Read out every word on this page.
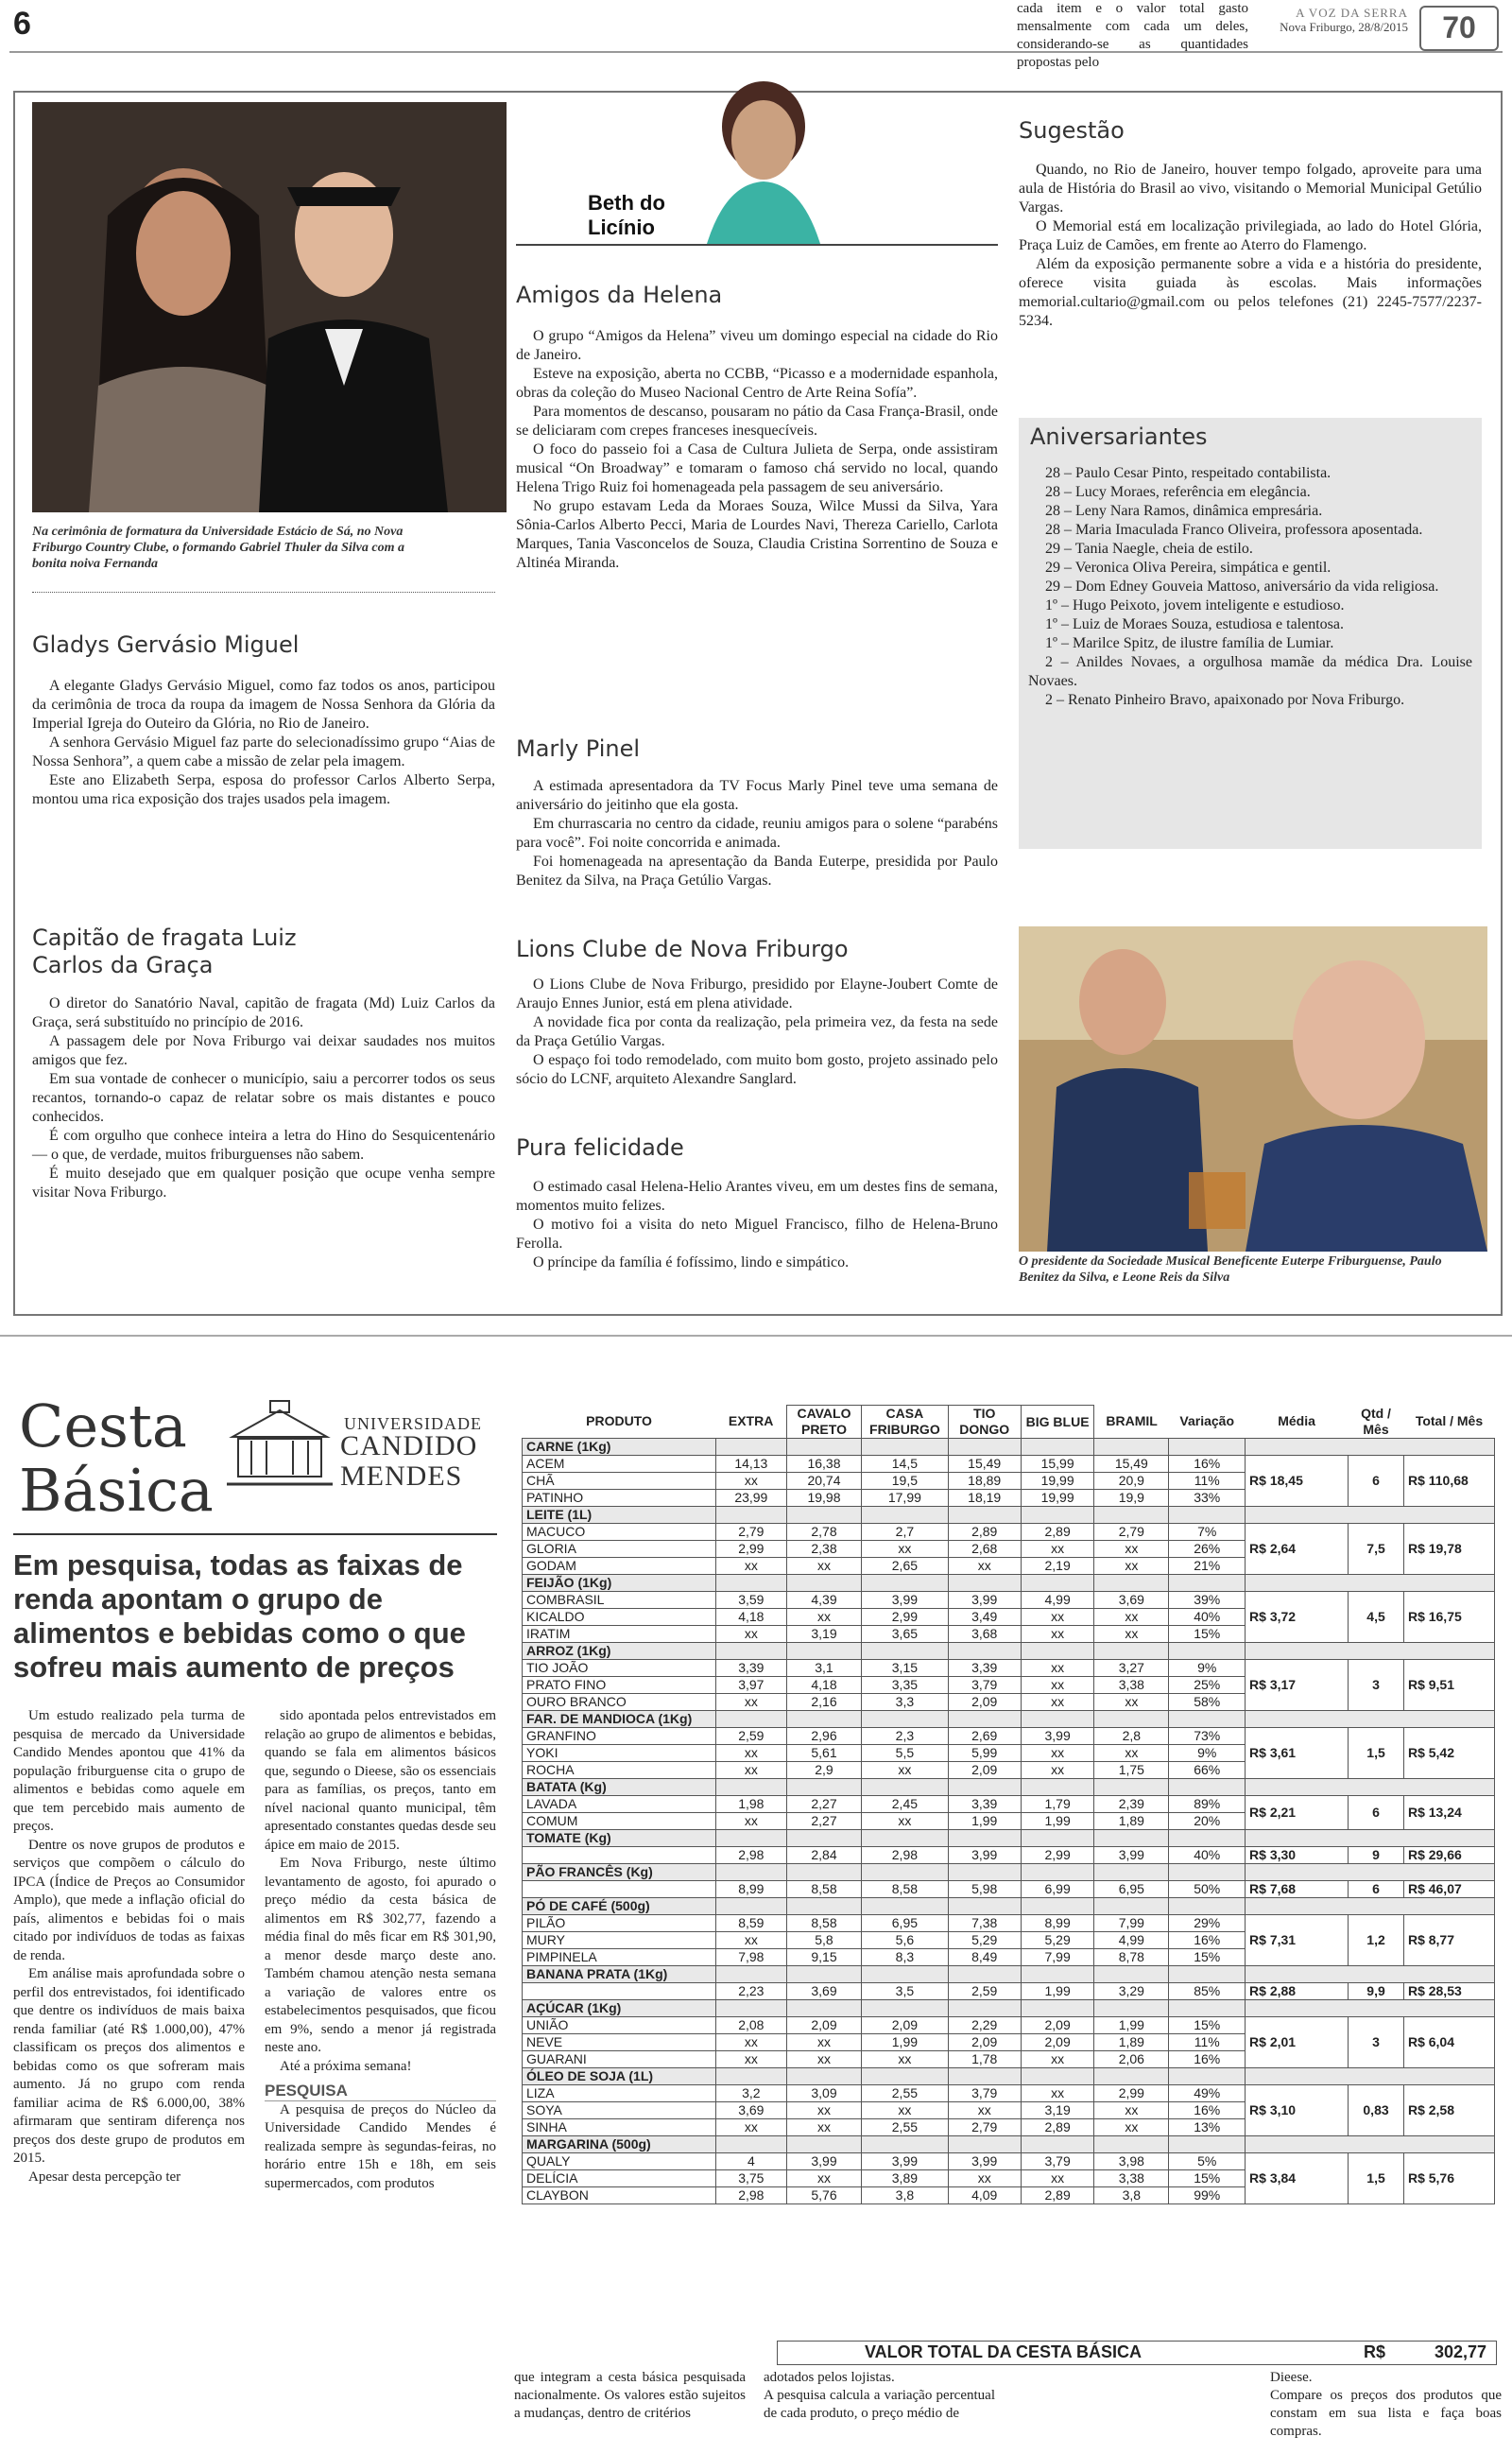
6	A VOZ DA SERRA
Nova Friburgo, 28/8/2015	70
Na cerimônia de formatura da Universidade Estácio de Sá, no Nova Friburgo Country Clube, o formando Gabriel Thuler da Silva com a bonita noiva Fernanda
Gladys Gervásio Miguel

A elegante Gladys Gervásio Miguel, como faz todos os anos, participou da cerimônia de troca da roupa da imagem de Nossa Senhora da Glória da Imperial Igreja do Outeiro da Glória, no Rio de Janeiro.

A senhora Gervásio Miguel faz parte do selecionadíssimo grupo “Aias de Nossa Senhora”, a quem cabe a missão de zelar pela imagem.

Este ano Elizabeth Serpa, esposa do professor Carlos Alberto Serpa, montou uma rica exposição dos trajes usados pela imagem.

Capitão de fragata Luiz Carlos da Graça

O diretor do Sanatório Naval, capitão de fragata (Md) Luiz Carlos da Graça, será substituído no princípio de 2016.

A passagem dele por Nova Friburgo vai deixar saudades nos muitos amigos que fez.

Em sua vontade de conhecer o município, saiu a percorrer todos os seus recantos, tornando-o capaz de relatar sobre os mais distantes e pouco conhecidos.

É com orgulho que conhece inteira a letra do Hino do Sesquicentenário — o que, de verdade, muitos friburguenses não sabem.

É muito desejado que em qualquer posição que ocupe venha sempre visitar Nova Friburgo.

Beth do Licínio
Amigos da Helena

O grupo “Amigos da Helena” viveu um domingo especial na cidade do Rio de Janeiro.

Esteve na exposição, aberta no CCBB, “Picasso e a modernidade espanhola, obras da coleção do Museo Nacional Centro de Arte Reina Sofía”.

Para momentos de descanso, pousaram no pátio da Casa França-Brasil, onde se deliciaram com crepes franceses inesquecíveis.

O foco do passeio foi a Casa de Cultura Julieta de Serpa, onde assistiram musical “On Broadway” e tomaram o famoso chá servido no local, quando Helena Trigo Ruiz foi homenageada pela passagem de seu aniversário.

No grupo estavam Leda da Moraes Souza, Wilce Mussi da Silva, Yara Sônia-Carlos Alberto Pecci, Maria de Lourdes Navi, Thereza Cariello, Carlota Marques, Tania Vasconcelos de Souza, Claudia Cristina Sorrentino de Souza e Altinéa Miranda.

Marly Pinel

A estimada apresentadora da TV Focus Marly Pinel teve uma semana de aniversário do jeitinho que ela gosta.

Em churrascaria no centro da cidade, reuniu amigos para o solene “parabéns para você”. Foi noite concorrida e animada.

Foi homenageada na apresentação da Banda Euterpe, presidida por Paulo Benitez da Silva, na Praça Getúlio Vargas.

Lions Clube de Nova Friburgo

O Lions Clube de Nova Friburgo, presidido por Elayne-Joubert Comte de Araujo Ennes Junior, está em plena atividade.

A novidade fica por conta da realização, pela primeira vez, da festa na sede da Praça Getúlio Vargas.

O espaço foi todo remodelado, com muito bom gosto, projeto assinado pelo sócio do LCNF, arquiteto Alexandre Sanglard.

Pura felicidade

O estimado casal Helena-Helio Arantes viveu, em um destes fins de semana, momentos muito felizes.

O motivo foi a visita do neto Miguel Francisco, filho de Helena-Bruno Ferolla.

O príncipe da família é fofíssimo, lindo e simpático.

Sugestão

Quando, no Rio de Janeiro, houver tempo folgado, aproveite para uma aula de História do Brasil ao vivo, visitando o Memorial Municipal Getúlio Vargas.

O Memorial está em localização privilegiada, ao lado do Hotel Glória, Praça Luiz de Camões, em frente ao Aterro do Flamengo.

Além da exposição permanente sobre a vida e a história do presidente, oferece visita guiada às escolas. Mais informações memorial.cultario@gmail.com ou pelos telefones (21) 2245-7577/2237-5234.

Aniversariantes

28 – Paulo Cesar Pinto, respeitado contabilista.

28 – Lucy Moraes, referência em elegância.

28 – Leny Nara Ramos, dinâmica empresária.

28 – Maria Imaculada Franco Oliveira, professora aposentada.

29 – Tania Naegle, cheia de estilo.

29 – Veronica Oliva Pereira, simpática e gentil.

29 – Dom Edney Gouveia Mattoso, aniversário da vida religiosa.

1º – Hugo Peixoto, jovem inteligente e estudioso.

1º – Luiz de Moraes Souza, estudiosa e talentosa.

1º – Marilce Spitz, de ilustre família de Lumiar.

2 – Anildes Novaes, a orgulhosa mamãe da médica Dra. Louise Novaes.

2 – Renato Pinheiro Bravo, apaixonado por Nova Friburgo.

O presidente da Sociedade Musical Beneficente Euterpe Friburguense, Paulo Benitez da Silva, e Leone Reis da Silva
Cesta
Básica
UNIVERSIDADE
CANDIDO
MENDES
Em pesquisa, todas as faixas de renda apontam o grupo de alimentos e bebidas como o que sofreu mais aumento de preços

Um estudo realizado pela turma de pesquisa de mercado da Universidade Candido Mendes apontou que 41% da população friburguense cita o grupo de alimentos e bebidas como aquele em que tem percebido mais aumento de preços.

Dentre os nove grupos de produtos e serviços que compõem o cálculo do IPCA (Índice de Preços ao Consumidor Amplo), que mede a inflação oficial do país, alimentos e bebidas foi o mais citado por indivíduos de todas as faixas de renda.

Em análise mais aprofundada sobre o perfil dos entrevistados, foi identificado que dentre os indivíduos de mais baixa renda familiar (até R$ 1.000,00), 47% classificam os preços dos alimentos e bebidas como os que sofreram mais aumento. Já no grupo com renda familiar acima de R$ 6.000,00, 38% afirmaram que sentiram diferença nos preços dos deste grupo de produtos em 2015.

Apesar desta percepção ter

sido apontada pelos entrevistados em relação ao grupo de alimentos e bebidas, quando se fala em alimentos básicos que, segundo o Dieese, são os essenciais para as famílias, os preços, tanto em nível nacional quanto municipal, têm apresentado constantes quedas desde seu ápice em maio de 2015.

Em Nova Friburgo, neste último levantamento de agosto, foi apurado o preço médio da cesta básica de alimentos em R$ 302,77, fazendo a média final do mês ficar em R$ 301,90, a menor desde março deste ano. Também chamou atenção nesta semana a variação de valores entre os estabelecimentos pesquisados, que ficou em 9%, sendo a menor já registrada neste ano.

Até a próxima semana!

PESQUISA

A pesquisa de preços do Núcleo da Universidade Candido Mendes é realizada sempre às segundas-feiras, no horário entre 15h e 18h, em seis supermercados, com produtos

PRODUTO	EXTRA	CAVALO PRETO	CASA FRIBURGO	TIO DONGO	BIG BLUE	BRAMIL	Variação	Média	Qtd / Mês	Total / Mês
CARNE (1Kg)										
ACEM	14,13	16,38	14,5	15,49	15,99	15,49	16%	R$ 18,45	6	R$ 110,68
CHÃ	xx	20,74	19,5	18,89	19,99	20,9	11%			
PATINHO	23,99	19,98	17,99	18,19	19,99	19,9	33%			
LEITE (1L)										
MACUCO	2,79	2,78	2,7	2,89	2,89	2,79	7%	R$ 2,64	7,5	R$ 19,78
GLORIA	2,99	2,38	xx	2,68	xx	xx	26%			
GODAM	xx	xx	2,65	xx	2,19	xx	21%			
FEIJÃO (1Kg)										
COMBRASIL	3,59	4,39	3,99	3,99	4,99	3,69	39%	R$ 3,72	4,5	R$ 16,75
KICALDO	4,18	xx	2,99	3,49	xx	xx	40%			
IRATIM	xx	3,19	3,65	3,68	xx	xx	15%			
ARROZ (1Kg)										
TIO JOÃO	3,39	3,1	3,15	3,39	xx	3,27	9%	R$ 3,17	3	R$ 9,51
PRATO FINO	3,97	4,18	3,35	3,79	xx	3,38	25%			
OURO BRANCO	xx	2,16	3,3	2,09	xx	xx	58%			
FAR. DE MANDIOCA (1Kg)										
GRANFINO	2,59	2,96	2,3	2,69	3,99	2,8	73%	R$ 3,61	1,5	R$ 5,42
YOKI	xx	5,61	5,5	5,99	xx	xx	9%			
ROCHA	xx	2,9	xx	2,09	xx	1,75	66%			
BATATA (Kg)										
LAVADA	1,98	2,27	2,45	3,39	1,79	2,39	89%	R$ 2,21	6	R$ 13,24
COMUM	xx	2,27	xx	1,99	1,99	1,89	20%			
TOMATE (Kg)										
	2,98	2,84	2,98	3,99	2,99	3,99	40%	R$ 3,30	9	R$ 29,66
PÃO FRANCÊS (Kg)										
	8,99	8,58	8,58	5,98	6,99	6,95	50%	R$ 7,68	6	R$ 46,07
PÓ DE CAFÉ (500g)										
PILÃO	8,59	8,58	6,95	7,38	8,99	7,99	29%	R$ 7,31	1,2	R$ 8,77
MURY	xx	5,8	5,6	5,29	5,29	4,99	16%			
PIMPINELA	7,98	9,15	8,3	8,49	7,99	8,78	15%			
BANANA PRATA (1Kg)										
	2,23	3,69	3,5	2,59	1,99	3,29	85%	R$ 2,88	9,9	R$ 28,53
AÇÚCAR (1Kg)										
UNIÃO	2,08	2,09	2,09	2,29	2,09	1,99	15%	R$ 2,01	3	R$ 6,04
NEVE	xx	xx	1,99	2,09	2,09	1,89	11%			
GUARANI	xx	xx	xx	1,78	xx	2,06	16%			
ÓLEO DE SOJA (1L)										
LIZA	3,2	3,09	2,55	3,79	xx	2,99	49%	R$ 3,10	0,83	R$ 2,58
SOYA	3,69	xx	xx	xx	3,19	xx	16%			
SINHA	xx	xx	2,55	2,79	2,89	xx	13%			
MARGARINA (500g)										
QUALY	4	3,99	3,99	3,99	3,79	3,98	5%	R$ 3,84	1,5	R$ 5,76
DELÍCIA	3,75	xx	3,89	xx	xx	3,38	15%			
CLAYBON	2,98	5,76	3,8	4,09	2,89	3,8	99%			
VALOR TOTAL DA CESTA BÁSICA	R$	302,77
que integram a cesta básica pesquisada nacionalmente. Os valores estão sujeitos a mudanças, dentro de critérios
adotados pelos lojistas.
A pesquisa calcula a variação percentual de cada produto, o preço médio de
cada item e o valor total gasto mensalmente com cada um deles, considerando-se as quantidades propostas pelo
Dieese.
Compare os preços dos produtos que constam em sua lista e faça boas compras.
